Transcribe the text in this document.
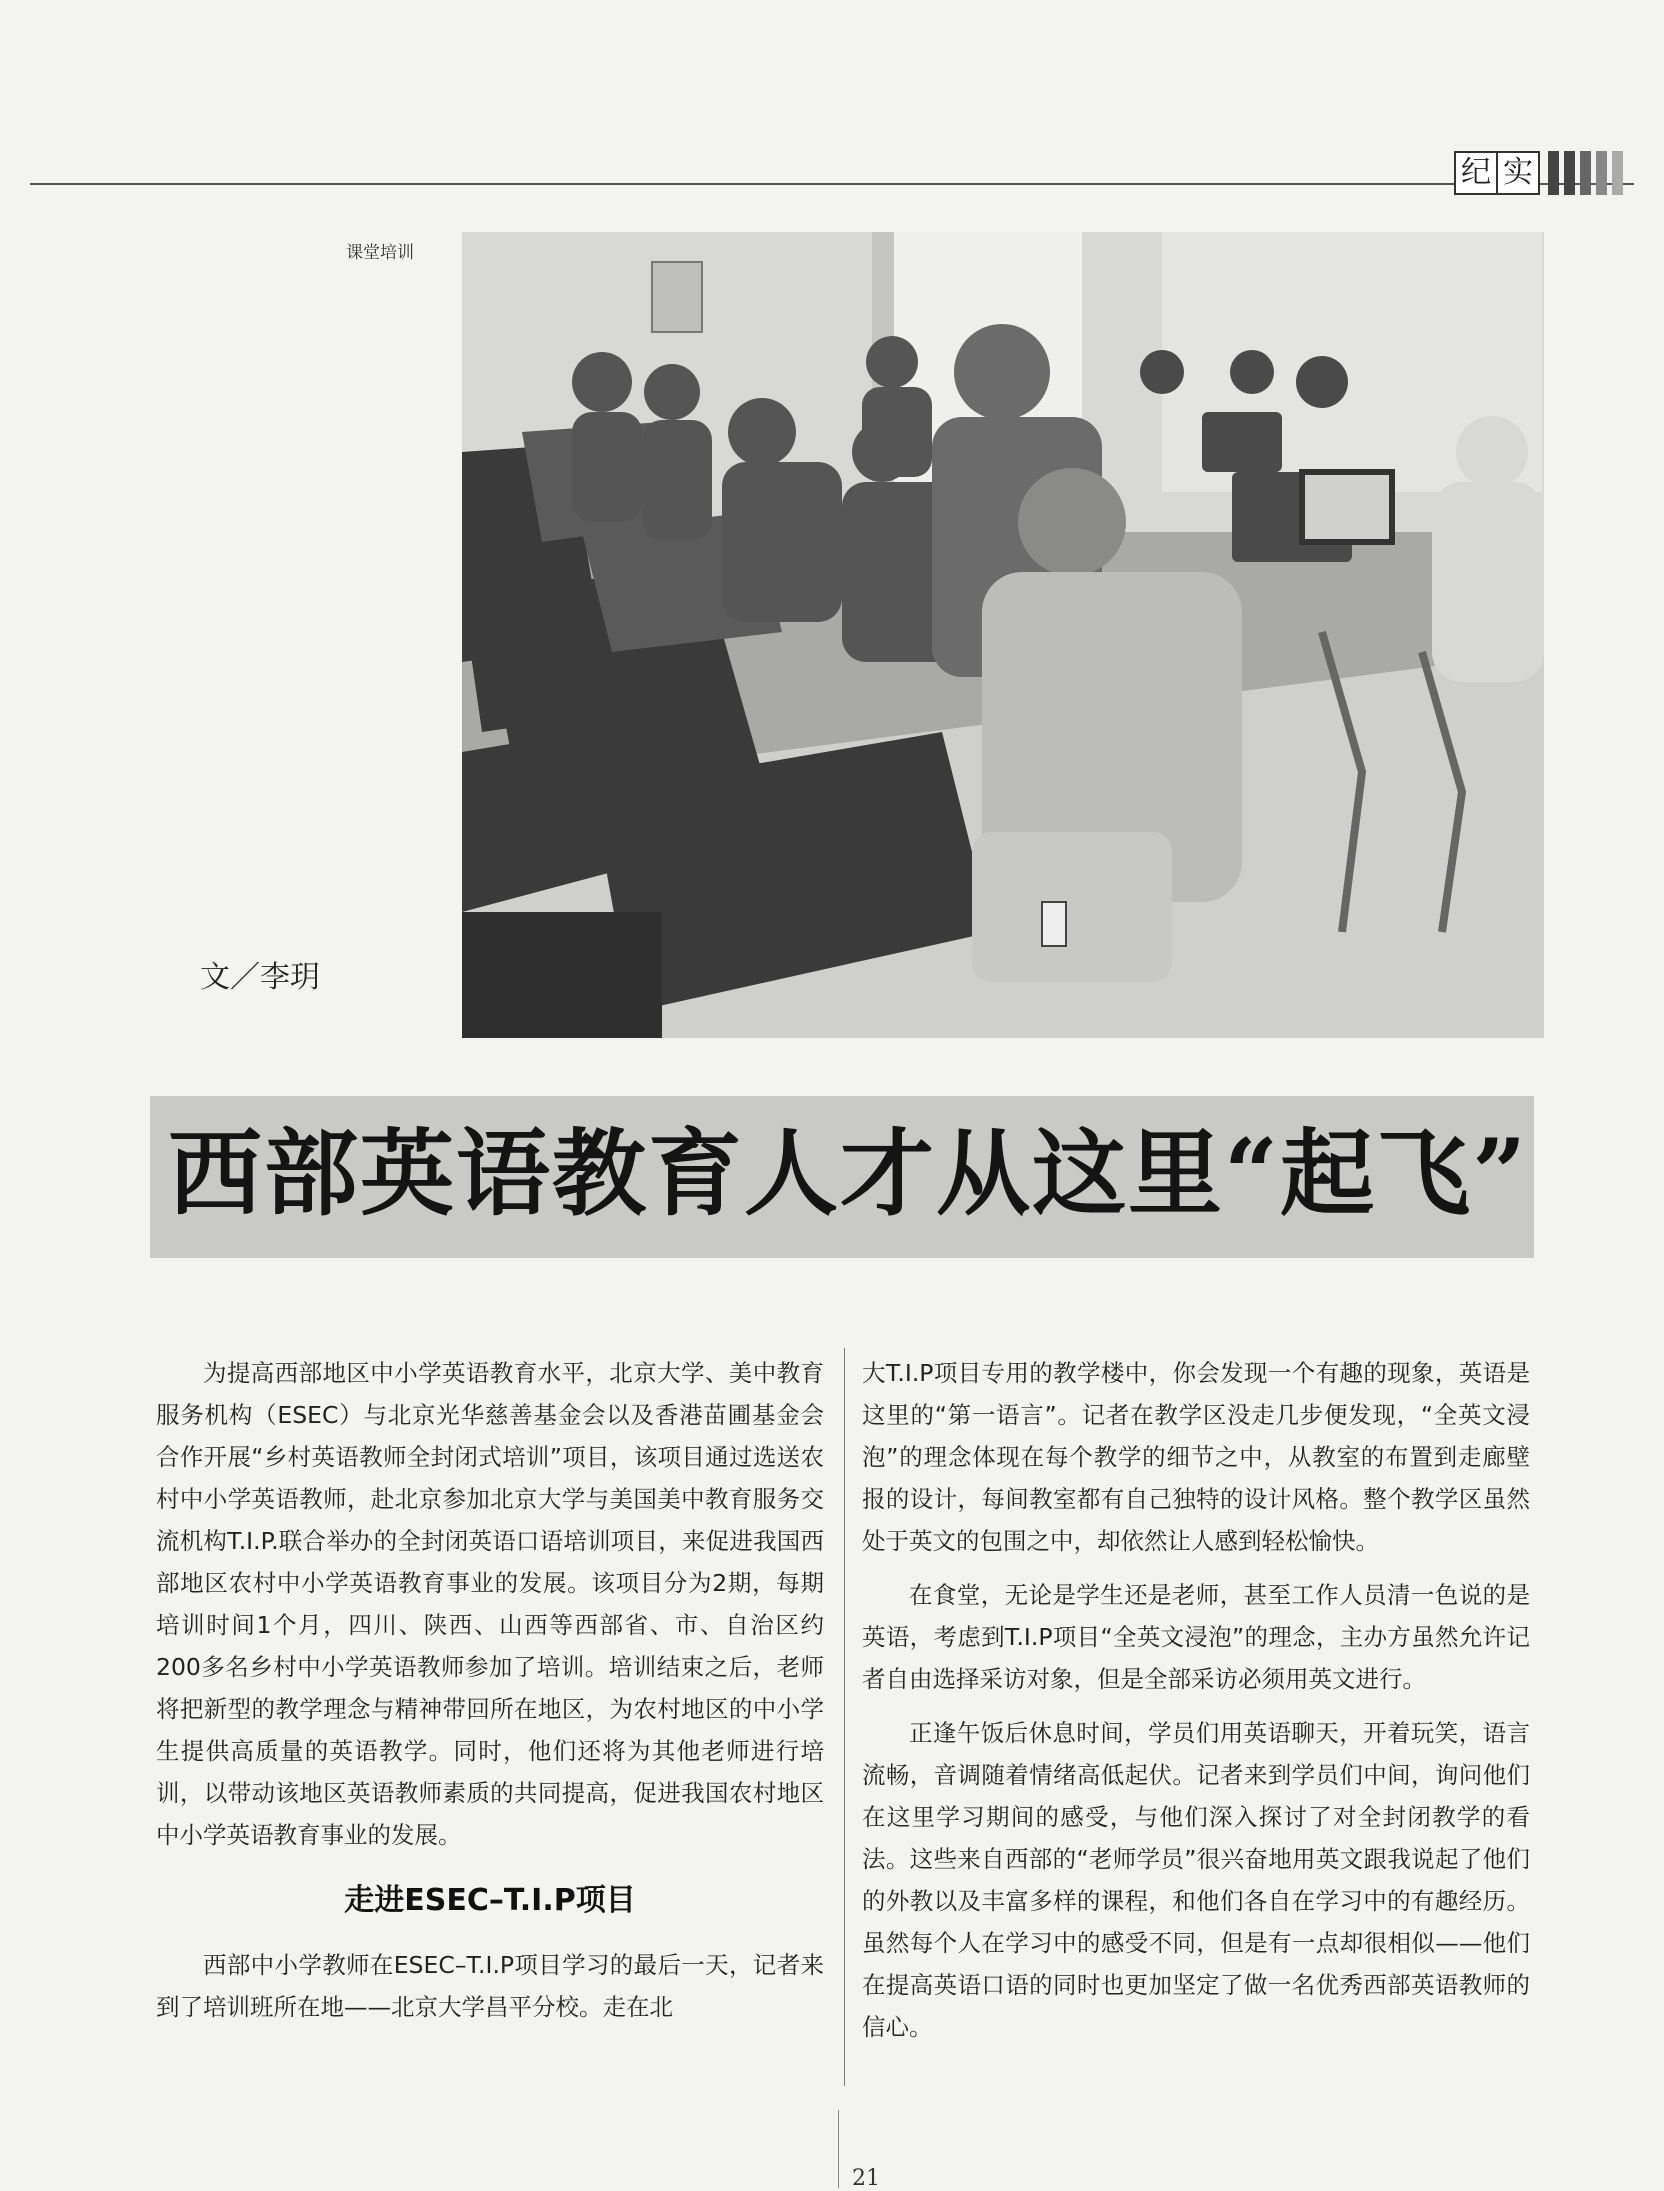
纪 实
课堂培训
文／李玥
西部英语教育人才从这里“起飞”

为提高西部地区中小学英语教育水平，北京大学、美中教育服务机构（ESEC）与北京光华慈善基金会以及香港苗圃基金会合作开展“乡村英语教师全封闭式培训”项目，该项目通过选送农村中小学英语教师，赴北京参加北京大学与美国美中教育服务交流机构T.I.P.联合举办的全封闭英语口语培训项目，来促进我国西部地区农村中小学英语教育事业的发展。该项目分为2期，每期培训时间1个月，四川、陕西、山西等西部省、市、自治区约200多名乡村中小学英语教师参加了培训。培训结束之后，老师将把新型的教学理念与精神带回所在地区，为农村地区的中小学生提供高质量的英语教学。同时，他们还将为其他老师进行培训，以带动该地区英语教师素质的共同提高，促进我国农村地区中小学英语教育事业的发展。

走进ESEC–T.I.P项目

西部中小学教师在ESEC–T.I.P项目学习的最后一天，记者来到了培训班所在地——北京大学昌平分校。走在北

大T.I.P项目专用的教学楼中，你会发现一个有趣的现象，英语是这里的“第一语言”。记者在教学区没走几步便发现，“全英文浸泡”的理念体现在每个教学的细节之中，从教室的布置到走廊壁报的设计，每间教室都有自己独特的设计风格。整个教学区虽然处于英文的包围之中，却依然让人感到轻松愉快。

在食堂，无论是学生还是老师，甚至工作人员清一色说的是英语，考虑到T.I.P项目“全英文浸泡”的理念，主办方虽然允许记者自由选择采访对象，但是全部采访必须用英文进行。

正逢午饭后休息时间，学员们用英语聊天，开着玩笑，语言流畅，音调随着情绪高低起伏。记者来到学员们中间，询问他们在这里学习期间的感受，与他们深入探讨了对全封闭教学的看法。这些来自西部的“老师学员”很兴奋地用英文跟我说起了他们的外教以及丰富多样的课程，和他们各自在学习中的有趣经历。虽然每个人在学习中的感受不同，但是有一点却很相似——他们在提高英语口语的同时也更加坚定了做一名优秀西部英语教师的信心。

21
